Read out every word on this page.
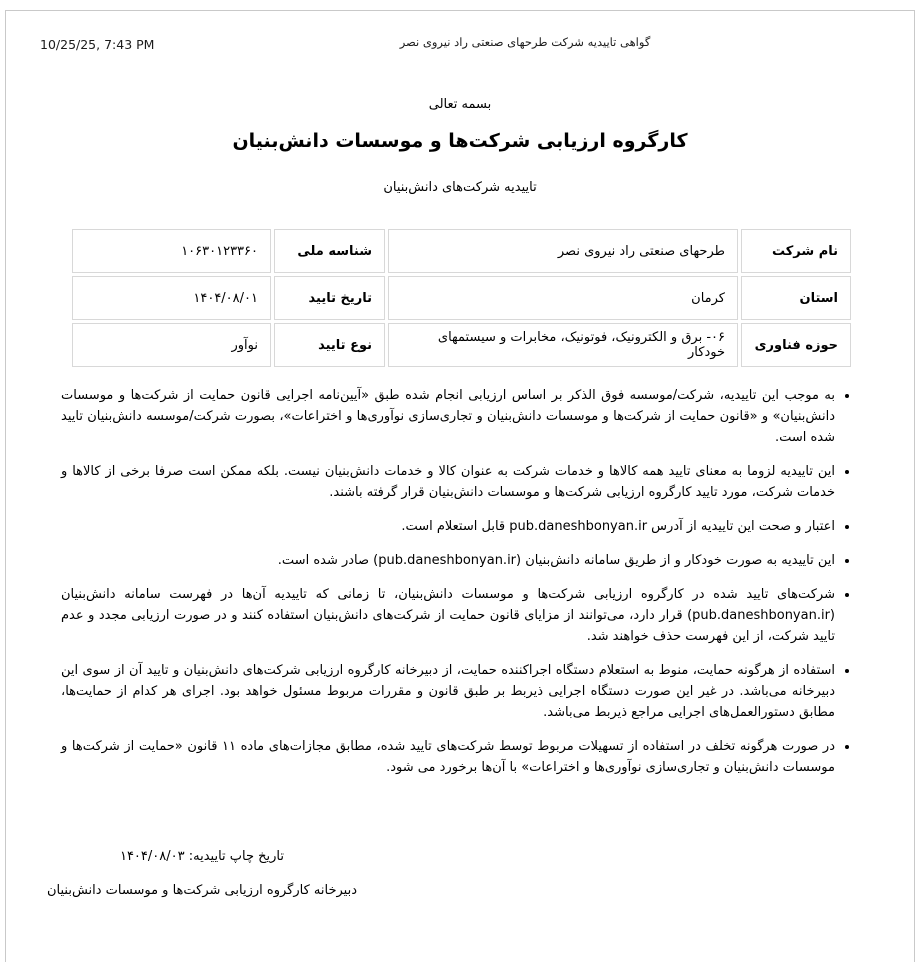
10/25/25, 7:43 PM	گواهی تاییدیه شرکت طرحهای صنعتی راد نیروی نصر
بسمه تعالی
کارگروه ارزیابی شرکت‌ها و موسسات دانش‌بنیان
تاییدیه شرکت‌های دانش‌بنیان
نام شرکت	طرحهای صنعتی راد نیروی نصر	شناسه ملی	۱۰۶۳۰۱۲۳۳۶۰
استان	کرمان	تاریخ تایید	۱۴۰۴/۰۸/۰۱
حوزه فناوری	۰۶- برق و الکترونیک، فوتونیک، مخابرات و سیستمهای خودکار	نوع تایید	نوآور
• به موجب این تاییدیه، شرکت/موسسه فوق الذکر بر اساس ارزیابی انجام شده طبق «آیین‌نامه اجرایی قانون حمایت از شرکت‌ها و موسسات دانش‌بنیان» و «قانون حمایت از شرکت‌ها و موسسات دانش‌بنیان و تجاری‌سازی نوآوری‌ها و اختراعات»، بصورت شرکت/موسسه دانش‌بنیان تایید شده است.
• این تاییدیه لزوما به معنای تایید همه کالاها و خدمات شرکت به عنوان کالا و خدمات دانش‌بنیان نیست. بلکه ممکن است صرفا برخی از کالاها و خدمات شرکت، مورد تایید کارگروه ارزیابی شرکت‌ها و موسسات دانش‌بنیان قرار گرفته باشند.
• اعتبار و صحت این تاییدیه از آدرس pub.daneshbonyan.ir قابل استعلام است.
• این تاییدیه به صورت خودکار و از طریق سامانه دانش‌بنیان (pub.daneshbonyan.ir) صادر شده است.
• شرکت‌های تایید شده در کارگروه ارزیابی شرکت‌ها و موسسات دانش‌بنیان، تا زمانی که تاییدیه آن‌ها در فهرست سامانه دانش‌بنیان (pub.daneshbonyan.ir) قرار دارد، می‌توانند از مزایای قانون حمایت از شرکت‌های دانش‌بنیان استفاده کنند و در صورت ارزیابی مجدد و عدم تایید شرکت، از این فهرست حذف خواهند شد.
• استفاده از هرگونه حمایت، منوط به استعلام دستگاه اجراکننده حمایت، از دبیرخانه کارگروه ارزیابی شرکت‌های دانش‌بنیان و تایید آن از سوی این دبیرخانه می‌باشد. در غیر این صورت دستگاه اجرایی ذیربط بر طبق قانون و مقررات مربوط مسئول خواهد بود. اجرای هر کدام از حمایت‌ها، مطابق دستورالعمل‌های اجرایی مراجع ذیربط می‌باشد.
• در صورت هرگونه تخلف در استفاده از تسهیلات مربوط توسط شرکت‌های تایید شده، مطابق مجازات‌های ماده ۱۱ قانون «حمایت از شرکت‌ها و موسسات دانش‌بنیان و تجاری‌سازی نوآوری‌ها و اختراعات» با آن‌ها برخورد می شود.
تاریخ چاپ تاییدیه: ۱۴۰۴/۰۸/۰۳
دبیرخانه کارگروه ارزیابی شرکت‌ها و موسسات دانش‌بنیان
